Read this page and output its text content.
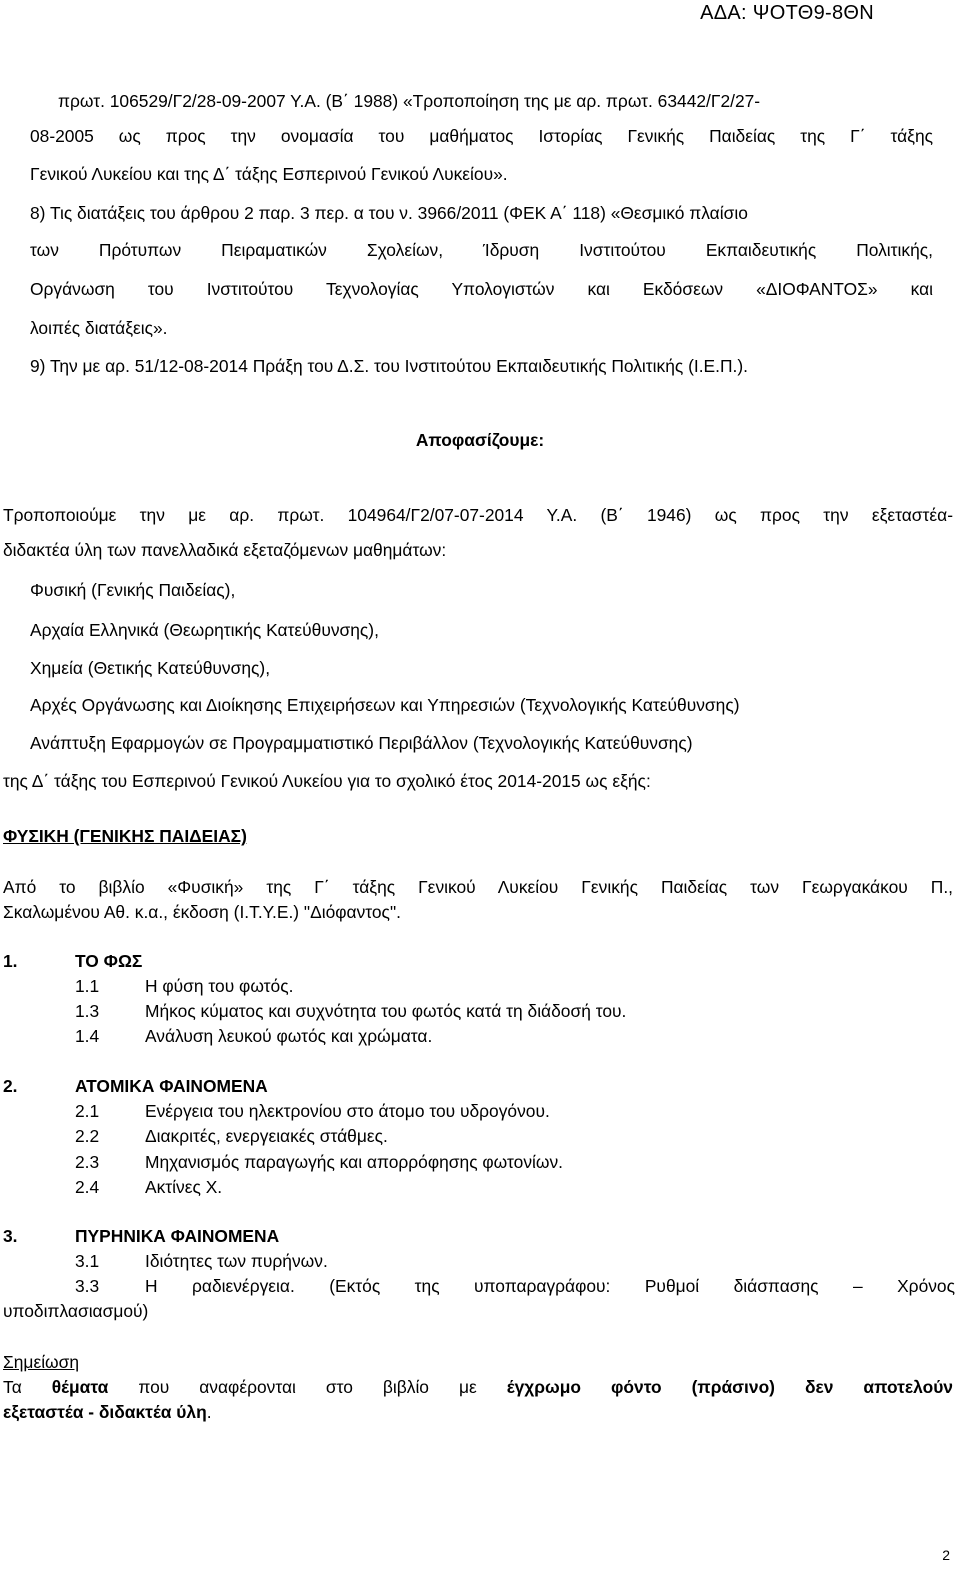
ΑΔΑ: ΨΟΤΘ9-8ΘΝ
πρωτ. 106529/Γ2/28-09-2007 Υ.Α. (Β΄ 1988) «Τροποποίηση της με αρ. πρωτ. 63442/Γ2/27-
08-2005 ως προς την ονομασία του μαθήματος Ιστορίας Γενικής Παιδείας της Γ΄ τάξης
Γενικού Λυκείου και της Δ΄ τάξης Εσπερινού Γενικού Λυκείου».
8) Τις διατάξεις του άρθρου 2 παρ. 3 περ. α του ν. 3966/2011 (ΦΕΚ Α΄ 118) «Θεσμικό πλαίσιο
των Πρότυπων Πειραματικών Σχολείων, Ίδρυση Ινστιτούτου Εκπαιδευτικής Πολιτικής,
Οργάνωση του Ινστιτούτου Τεχνολογίας Υπολογιστών και Εκδόσεων «ΔΙΟΦΑΝΤΟΣ» και
λοιπές διατάξεις».
9) Την με αρ. 51/12-08-2014 Πράξη του Δ.Σ. του Ινστιτούτου Εκπαιδευτικής Πολιτικής (Ι.Ε.Π.).
Αποφασίζουμε:
Τροποποιούμε την με αρ. πρωτ. 104964/Γ2/07-07-2014 Υ.Α. (Β΄ 1946) ως προς την εξεταστέα-
διδακτέα ύλη των πανελλαδικά εξεταζόμενων μαθημάτων:
Φυσική (Γενικής Παιδείας),
Αρχαία Ελληνικά (Θεωρητικής Κατεύθυνσης),
Χημεία (Θετικής Κατεύθυνσης),
Αρχές Οργάνωσης και Διοίκησης Επιχειρήσεων και Υπηρεσιών (Τεχνολογικής Κατεύθυνσης)
Ανάπτυξη Εφαρμογών σε Προγραμματιστικό Περιβάλλον (Τεχνολογικής Κατεύθυνσης)
της Δ΄ τάξης του Εσπερινού Γενικού Λυκείου για το σχολικό έτος 2014-2015 ως εξής:
ΦΥΣΙΚΗ (ΓΕΝΙΚΗΣ ΠΑΙΔΕΙΑΣ)
Από το βιβλίο «Φυσική» της Γ΄ τάξης Γενικού Λυκείου Γενικής Παιδείας των Γεωργακάκου Π.,
Σκαλωμένου Αθ. κ.α., έκδοση (Ι.Τ.Υ.Ε.) "Διόφαντος".
1.	ΤΟ ΦΩΣ
1.1	Η φύση του φωτός.
1.3	Μήκος κύματος και συχνότητα του φωτός κατά τη διάδοσή του.
1.4	Ανάλυση λευκού φωτός και χρώματα.
2.	ΑΤΟΜΙΚΑ ΦΑΙΝΟΜΕΝΑ
2.1	Ενέργεια του ηλεκτρονίου στο άτομο του υδρογόνου.
2.2	Διακριτές, ενεργειακές στάθμες.
2.3	Μηχανισμός παραγωγής και απορρόφησης φωτονίων.
2.4	Ακτίνες Χ.
3.	ΠΥΡΗΝΙΚΑ ΦΑΙΝΟΜΕΝΑ
3.1	Ιδιότητες των πυρήνων.
3.3	Η ραδιενέργεια. (Εκτός της υποπαραγράφου: Ρυθμοί διάσπασης – Χρόνος
υποδιπλασιασμού)
Σημείωση
Τα θέματα που αναφέρονται στο βιβλίο με έγχρωμο φόντο (πράσινο) δεν αποτελούν
εξεταστέα - διδακτέα ύλη.
2
